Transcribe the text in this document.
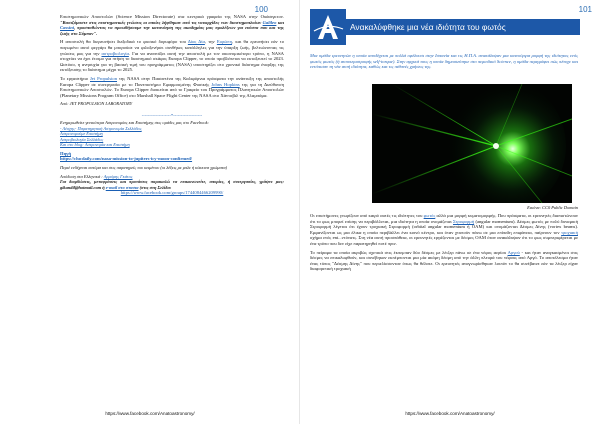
100

Επιστημονικών Αποστολών (Science Mission Directorate) στα κεντρικά γραφεία της NASA στην Ουάσιγκτον. "Βασιζόμαστε στις επιστημονικές γνώσεις οι οποίες λήφθηκαν από τις ναυαρχίδες των διαστημοπλοίων Galileo και Cassini, προσπαθώντας να προωθήσουμε την κατανόηση της ακαδημίας μας προλέξεων για ευύστα που και της ζωής στο Σύμπαν".

Η αποστολή θα διερευνήσει διεξοδικά το φυσικό δορυφόρο του Δίας Δία, την Ευρώπη, και θα ερευνήσει εάν το παγωμένο αυτό φεγγάρι θα μπορούσε να φιλοξενήσει συνθήκες κατάλληλες για την ύπαρξη ζωής, βελτιώνοντας τις γνώσεις μας για την αστροβιολογία. Για να αναπτύξει αυτή την αποστολή με τον οικονομικότερο τρόπο, η NASA στοχεύει να έχει έτοιμο για πτήση το διαστημικό σκάφος Europa Clipper, το οποίο προβλέπεται να εκτοξευτεί το 2023. Ωστόσο, η ανησυχία για τη βασική τιμή του προγράμματος (NASA) υποστηρίζει στο χρονικό διάστημα έναρξης της εκτόξευσης το διάστημα μέχρι το 2025.

Το εργαστήριο Jet Propulsion της NASA στην Πασαντένα της Καλιφόρνια πρόσφατα την ανάπτυξη της αποστολής Europa Clipper σε συνεργασία με το Πανεπιστήμιο Εφαρμοσμένης Φυσικής Johns Hopkins της για τη Διεύθυνση Επιστημονικών Αποστολών. Το Europa Clipper διοικείται από το Γραφείο του Προγράμματος Πλανητικών Αποστολών (Planetary Missions Program Office) στο Marshall Space Flight Center της NASA στο Χάντσβιλ της Αλαμπάμα.

Από: JET PROPULSION LABORATORY

-------------------*-------------------

Ενημερωθείτε γενικότερα Αστρονομίας και Επιστήμης στις ομάδες μας στο Facebook:

- Λέσχης- Παρατηρητική Αστρονομία Σελλάδος

Αστρονομούμε Επιστήμη

Αστροβιολογία Σελλάδος

Και στο blog: Αστρονομία και Επιστήμη

Πηγή

https://clucdaily.com/nasa-mission-to-jupiters-icy-moon-confirmed/

Περιέ ενδέχεται αυτόμα και στις παρατηρείς του κειμένου (οι λέξεις με μπλε ή κόκκινα χρώματα)

Απόδοση στα Ελληνικά : Αρμόρης Γκάτος

Για διορθώσεις, μεταφράσεις και προτάσεις παρακαλώ να επικοινωνείτε, απορίες, ή συνεργασίες, γράψτε μας: gikandil@hotmail.com ή e-mail στο στασια (στις στη Σελίδα:

https://www.facebook.com/groups/1744084466209990/

https://www.facebook.com/Anatoastronomy/
101
Ανακαλύφθηκε μια νέα ιδιότητα του φωτός
Μια ομάδα ερευνητών η οποία αποδέχεται με πολλά οφέλουσι στην Ισπανία και τις Η.Π.Α. ανακάλυψαν μια καινούργια μορφή της ιδιότητας ενός φωτός φωτός (ή αυτοπεριστροφής self-torque). Στην αρχικά τους η οποία δημοσιεύτηκε στο περιοδικό Science, η ομάδα περιγράφει πώς πέτυχε και εντόπισαν τη νέα αυτή ιδιότητα, καθώς και τις πιθανές χρήσεις της.
Εικόνα: CC0 Public Domain

Οι επιστήμονες γνωρίζουν από καιρό αυτές τις ιδιότητες του φωτός αλλά μια μορφή κυματομορφής. Που πρόσφατα, οι ερευνητές διαπιστώνουν ότι το φως μπορεί επίσης να περιβάλλεται, μια ιδιότητα η οποία ονομάζεται Στροφορμή (angular momentum). Δέσμες φωτός με πολύ δυναμική Στροφορμή λέγεται ότι έχουν τροχιακή Στροφορμή (orbital angular momentum ή OAM) και ονομάζονται Δέσμες Δίνης (vortex beams). Εμφανίζονται ως μια έλικα η οποία περιβάλλει ένα κοινό κέντρο, και όταν χτυπούν πάνω σε μια επίπεδη επιφάνεια, παίρνουν τον τροχιακή σχήμα ενός ent...ντόνατς. Στη νέα αυτή προσπάθεια, οι ερευνητές εργάζονται με δέσμες OAM όταν ανακάλυψαν ότι το φως συμπεριφέρεται με ένα τρόπο που δεν είχε παρατηρηθεί ποτέ πριν.

Το πείραμα τα οποία ακριβώς σχετικά στις έκπεμπαν δύο δέσμες με λέιζερ πάνω σε ένα νέφος αερίου Αργού - και ήταν αναγκασμένοι στις δέσμες να επικαλυφθούν, και συνέβηκαν εκπέμπονται μια μία ακόμη δέσμη από την άλλη πλευρά του νέφους από Αργό. Το αποτέλεσμα ήταν ένας τύπος "Δέσμης Δίνης" που περιελίσσονταν όπως θα θέλατε. Οι ερευνητές αναγνωρίσθηκαν λοιπόν το θα συνέβαινε εάν τα λέιζερ είχαν διαφορετική τροχιακή

https://www.facebook.com/Anatoastronomy/
